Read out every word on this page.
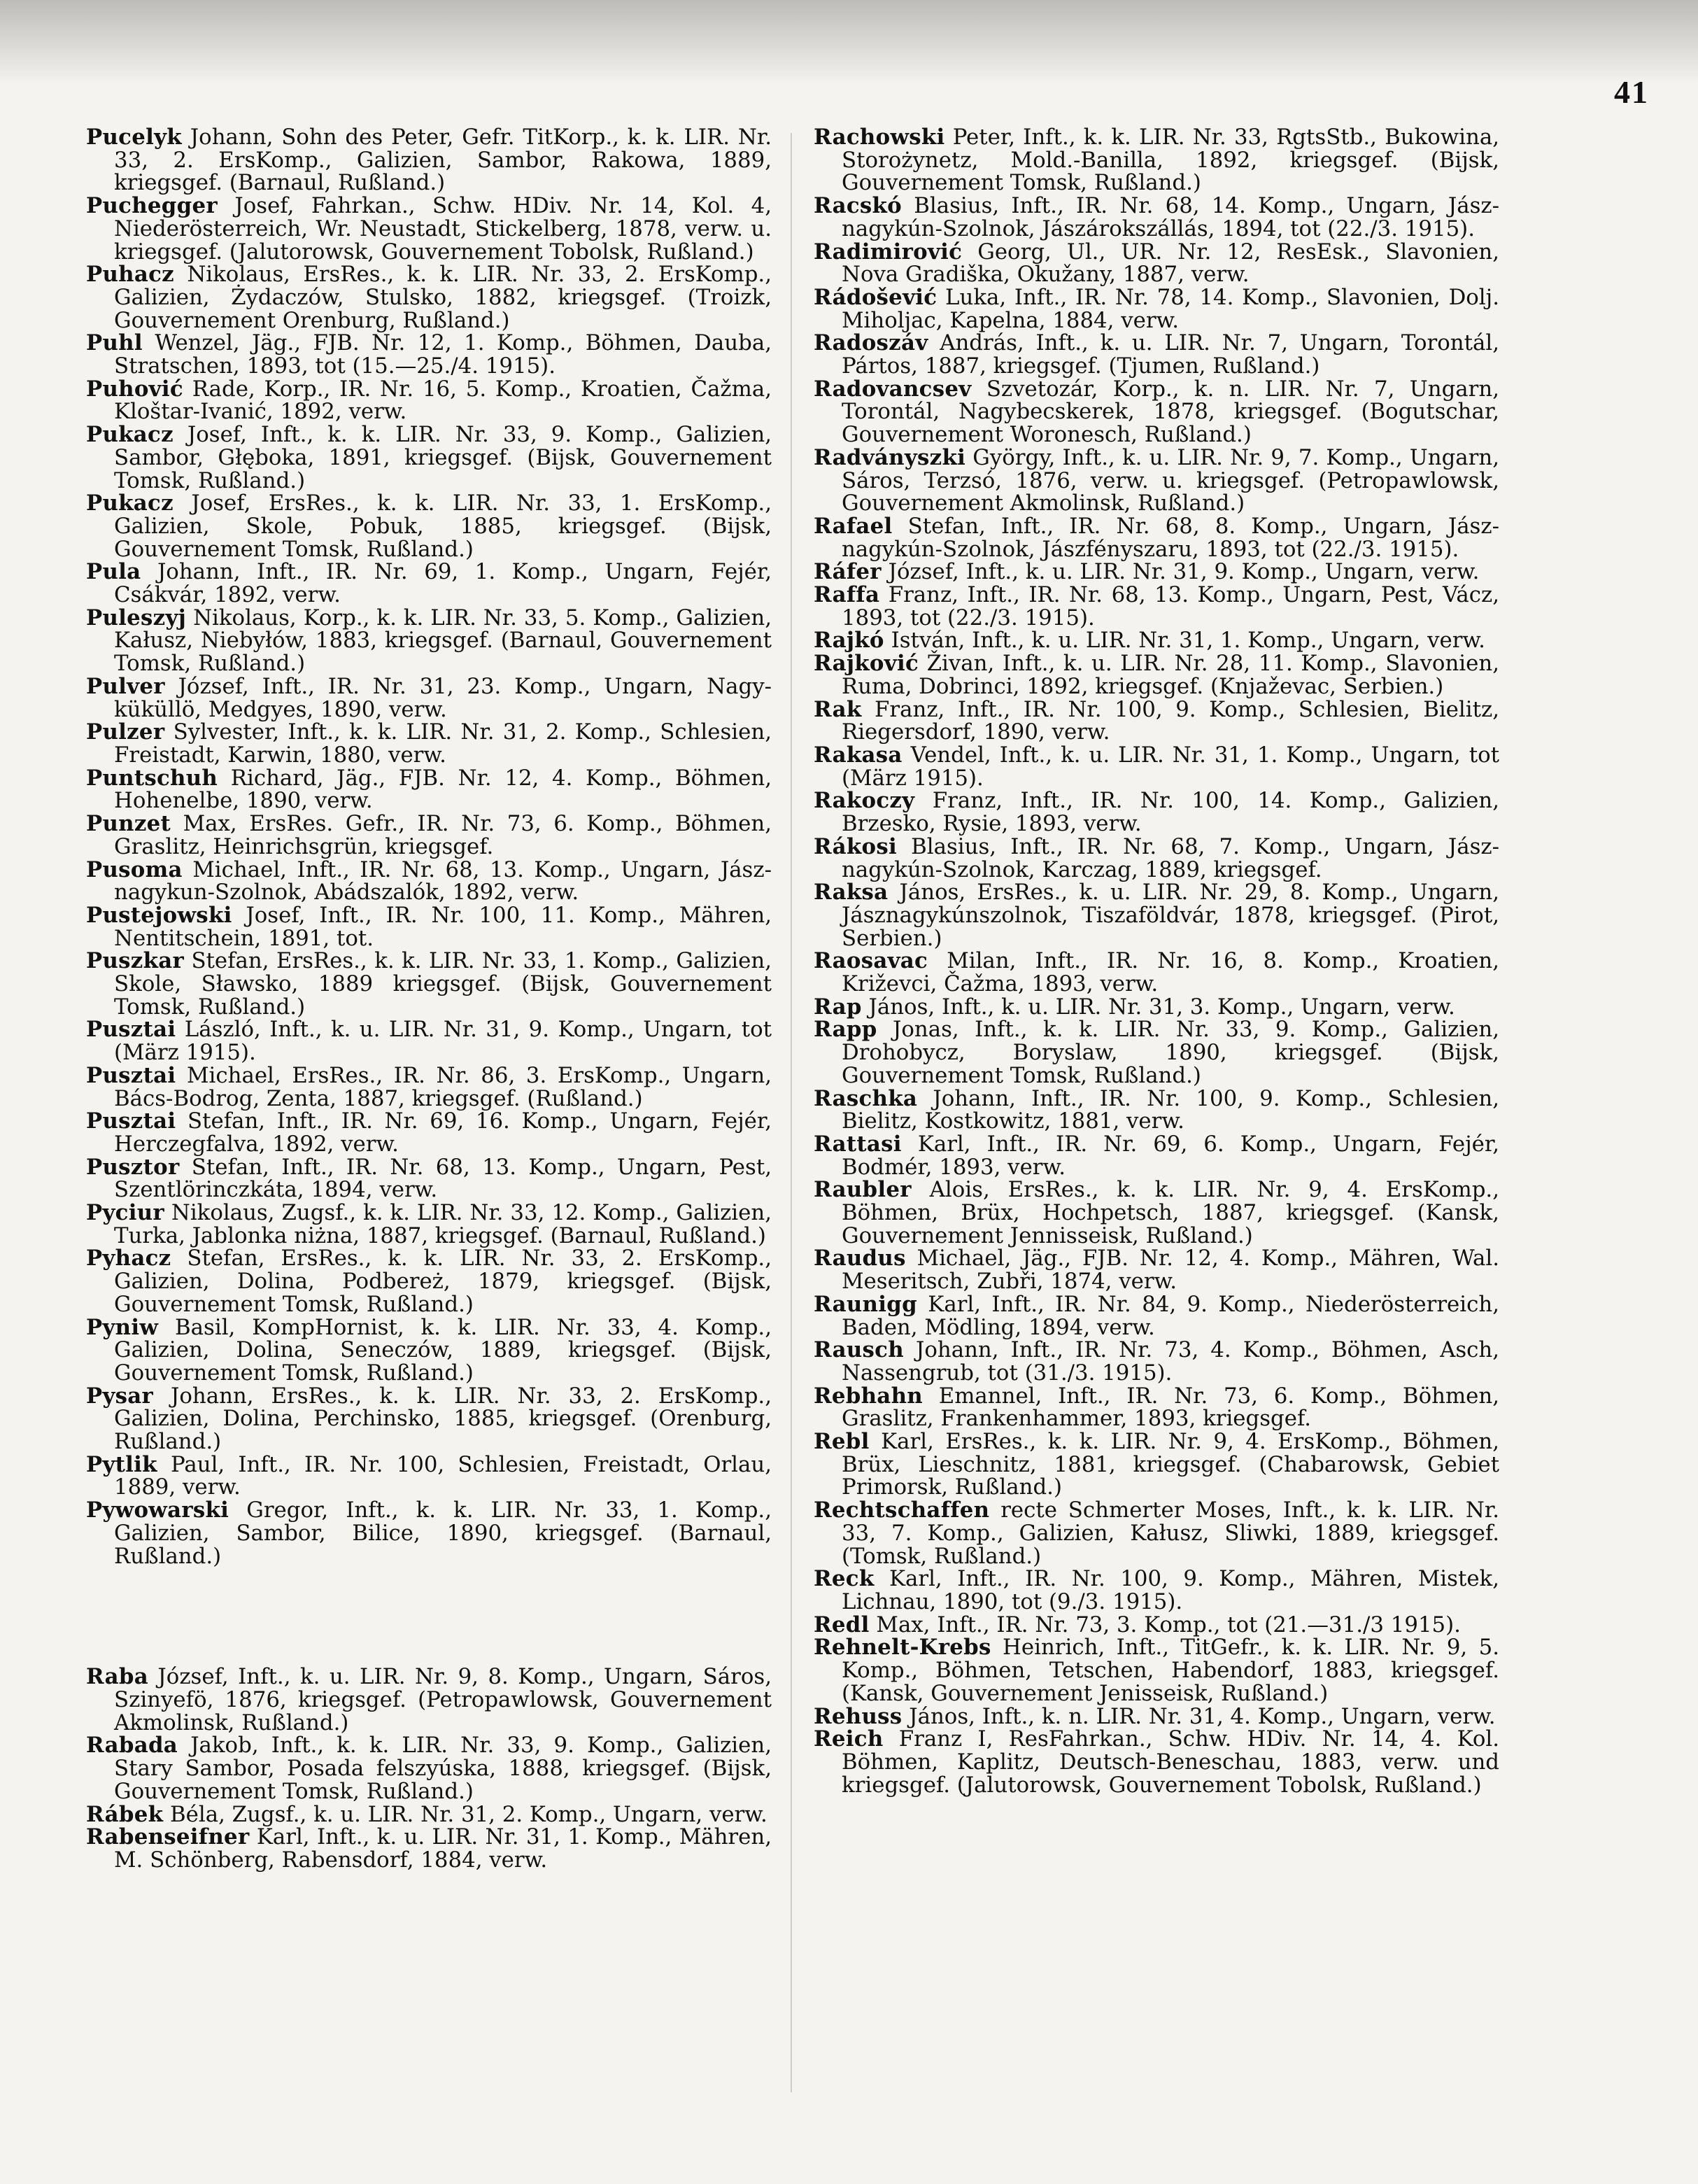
41

Pucelyk Johann, Sohn des Peter, Gefr. TitKorp., k. k. LIR. Nr. 33, 2. ErsKomp., Galizien, Sambor, Rakowa, 1889, kriegsgef. (Barnaul, Rußland.)

Puchegger Josef, Fahrkan., Schw. HDiv. Nr. 14, Kol. 4, Niederösterreich, Wr. Neustadt, Stickelberg, 1878, verw. u. kriegsgef. (Jalutorowsk, Gouvernement Tobolsk, Rußland.)

Puhacz Nikolaus, ErsRes., k. k. LIR. Nr. 33, 2. ErsKomp., Galizien, Żydaczów, Stulsko, 1882, kriegsgef. (Troizk, Gouvernement Orenburg, Rußland.)

Puhl Wenzel, Jäg., FJB. Nr. 12, 1. Komp., Böhmen, Dauba, Stratschen, 1893, tot (15.—25./4. 1915).

Puhović Rade, Korp., IR. Nr. 16, 5. Komp., Kroatien, Čažma, Kloštar-Ivanić, 1892, verw.

Pukacz Josef, Inft., k. k. LIR. Nr. 33, 9. Komp., Galizien, Sambor, Głęboka, 1891, kriegsgef. (Bijsk, Gouvernement Tomsk, Rußland.)

Pukacz Josef, ErsRes., k. k. LIR. Nr. 33, 1. ErsKomp., Galizien, Skole, Pobuk, 1885, kriegsgef. (Bijsk, Gouvernement Tomsk, Rußland.)

Pula Johann, Inft., IR. Nr. 69, 1. Komp., Ungarn, Fejér, Csákvár, 1892, verw.

Puleszyj Nikolaus, Korp., k. k. LIR. Nr. 33, 5. Komp., Galizien, Kałusz, Niebyłów, 1883, kriegsgef. (Barnaul, Gouvernement Tomsk, Rußland.)

Pulver József, Inft., IR. Nr. 31, 23. Komp., Ungarn, Nagy-küküllö, Medgyes, 1890, verw.

Pulzer Sylvester, Inft., k. k. LIR. Nr. 31, 2. Komp., Schlesien, Freistadt, Karwin, 1880, verw.

Puntschuh Richard, Jäg., FJB. Nr. 12, 4. Komp., Böhmen, Hohenelbe, 1890, verw.

Punzet Max, ErsRes. Gefr., IR. Nr. 73, 6. Komp., Böhmen, Graslitz, Heinrichsgrün, kriegsgef.

Pusoma Michael, Inft., IR. Nr. 68, 13. Komp., Ungarn, Jász-nagykun-Szolnok, Abádszalók, 1892, verw.

Pustejowski Josef, Inft., IR. Nr. 100, 11. Komp., Mähren, Nentitschein, 1891, tot.

Puszkar Stefan, ErsRes., k. k. LIR. Nr. 33, 1. Komp., Galizien, Skole, Sławsko, 1889 kriegsgef. (Bijsk, Gouvernement Tomsk, Rußland.)

Pusztai László, Inft., k. u. LIR. Nr. 31, 9. Komp., Ungarn, tot (März 1915).

Pusztai Michael, ErsRes., IR. Nr. 86, 3. ErsKomp., Ungarn, Bács-Bodrog, Zenta, 1887, kriegsgef. (Rußland.)

Pusztai Stefan, Inft., IR. Nr. 69, 16. Komp., Ungarn, Fejér, Herczegfalva, 1892, verw.

Pusztor Stefan, Inft., IR. Nr. 68, 13. Komp., Ungarn, Pest, Szentlörinczkáta, 1894, verw.

Pyciur Nikolaus, Zugsf., k. k. LIR. Nr. 33, 12. Komp., Galizien, Turka, Jablonka niżna, 1887, kriegsgef. (Barnaul, Rußland.)

Pyhacz Stefan, ErsRes., k. k. LIR. Nr. 33, 2. ErsKomp., Galizien, Dolina, Podbereż, 1879, kriegsgef. (Bijsk, Gouvernement Tomsk, Rußland.)

Pyniw Basil, KompHornist, k. k. LIR. Nr. 33, 4. Komp., Galizien, Dolina, Seneczów, 1889, kriegsgef. (Bijsk, Gouvernement Tomsk, Rußland.)

Pysar Johann, ErsRes., k. k. LIR. Nr. 33, 2. ErsKomp., Galizien, Dolina, Perchinsko, 1885, kriegsgef. (Orenburg, Rußland.)

Pytlik Paul, Inft., IR. Nr. 100, Schlesien, Freistadt, Orlau, 1889, verw.

Pywowarski Gregor, Inft., k. k. LIR. Nr. 33, 1. Komp., Galizien, Sambor, Bilice, 1890, kriegsgef. (Barnaul, Rußland.)

Raba József, Inft., k. u. LIR. Nr. 9, 8. Komp., Ungarn, Sáros, Szinyefö, 1876, kriegsgef. (Petropawlowsk, Gouvernement Akmolinsk, Rußland.)

Rabada Jakob, Inft., k. k. LIR. Nr. 33, 9. Komp., Galizien, Stary Sambor, Posada felszyúska, 1888, kriegsgef. (Bijsk, Gouvernement Tomsk, Rußland.)

Rábek Béla, Zugsf., k. u. LIR. Nr. 31, 2. Komp., Ungarn, verw.

Rabenseifner Karl, Inft., k. u. LIR. Nr. 31, 1. Komp., Mähren, M. Schönberg, Rabensdorf, 1884, verw.

Rachowski Peter, Inft., k. k. LIR. Nr. 33, RgtsStb., Bukowina, Storożynetz, Mold.-Banilla, 1892, kriegsgef. (Bijsk, Gouvernement Tomsk, Rußland.)

Racskó Blasius, Inft., IR. Nr. 68, 14. Komp., Ungarn, Jász-nagykún-Szolnok, Jászárokszállás, 1894, tot (22./3. 1915).

Radimirović Georg, Ul., UR. Nr. 12, ResEsk., Slavonien, Nova Gradiška, Okužany, 1887, verw.

Rádošević Luka, Inft., IR. Nr. 78, 14. Komp., Slavonien, Dolj. Miholjac, Kapelna, 1884, verw.

Radoszáv András, Inft., k. u. LIR. Nr. 7, Ungarn, Torontál, Pártos, 1887, kriegsgef. (Tjumen, Rußland.)

Radovancsev Szvetozár, Korp., k. n. LIR. Nr. 7, Ungarn, Torontál, Nagybecskerek, 1878, kriegsgef. (Bogutschar, Gouvernement Woronesch, Rußland.)

Radványszki György, Inft., k. u. LIR. Nr. 9, 7. Komp., Ungarn, Sáros, Terzsó, 1876, verw. u. kriegsgef. (Petropawlowsk, Gouvernement Akmolinsk, Rußland.)

Rafael Stefan, Inft., IR. Nr. 68, 8. Komp., Ungarn, Jász-nagykún-Szolnok, Jászfényszaru, 1893, tot (22./3. 1915).

Ráfer József, Inft., k. u. LIR. Nr. 31, 9. Komp., Ungarn, verw.

Raffa Franz, Inft., IR. Nr. 68, 13. Komp., Ungarn, Pest, Vácz, 1893, tot (22./3. 1915).

Rajkó István, Inft., k. u. LIR. Nr. 31, 1. Komp., Ungarn, verw.

Rajković Živan, Inft., k. u. LIR. Nr. 28, 11. Komp., Slavonien, Ruma, Dobrinci, 1892, kriegsgef. (Knjaževac, Serbien.)

Rak Franz, Inft., IR. Nr. 100, 9. Komp., Schlesien, Bielitz, Riegersdorf, 1890, verw.

Rakasa Vendel, Inft., k. u. LIR. Nr. 31, 1. Komp., Ungarn, tot (März 1915).

Rakoczy Franz, Inft., IR. Nr. 100, 14. Komp., Galizien, Brzesko, Rysie, 1893, verw.

Rákosi Blasius, Inft., IR. Nr. 68, 7. Komp., Ungarn, Jász-nagykún-Szolnok, Karczag, 1889, kriegsgef.

Raksa János, ErsRes., k. u. LIR. Nr. 29, 8. Komp., Ungarn, Jásznagykúnszolnok, Tiszaföldvár, 1878, kriegsgef. (Pirot, Serbien.)

Raosavac Milan, Inft., IR. Nr. 16, 8. Komp., Kroatien, Križevci, Čažma, 1893, verw.

Rap János, Inft., k. u. LIR. Nr. 31, 3. Komp., Ungarn, verw.

Rapp Jonas, Inft., k. k. LIR. Nr. 33, 9. Komp., Galizien, Drohobycz, Boryslaw, 1890, kriegsgef. (Bijsk, Gouvernement Tomsk, Rußland.)

Raschka Johann, Inft., IR. Nr. 100, 9. Komp., Schlesien, Bielitz, Kostkowitz, 1881, verw.

Rattasi Karl, Inft., IR. Nr. 69, 6. Komp., Ungarn, Fejér, Bodmér, 1893, verw.

Raubler Alois, ErsRes., k. k. LIR. Nr. 9, 4. ErsKomp., Böhmen, Brüx, Hochpetsch, 1887, kriegsgef. (Kansk, Gouvernement Jennisseisk, Rußland.)

Raudus Michael, Jäg., FJB. Nr. 12, 4. Komp., Mähren, Wal. Meseritsch, Zubři, 1874, verw.

Raunigg Karl, Inft., IR. Nr. 84, 9. Komp., Niederösterreich, Baden, Mödling, 1894, verw.

Rausch Johann, Inft., IR. Nr. 73, 4. Komp., Böhmen, Asch, Nassengrub, tot (31./3. 1915).

Rebhahn Emannel, Inft., IR. Nr. 73, 6. Komp., Böhmen, Graslitz, Frankenhammer, 1893, kriegsgef.

Rebl Karl, ErsRes., k. k. LIR. Nr. 9, 4. ErsKomp., Böhmen, Brüx, Lieschnitz, 1881, kriegsgef. (Chabarowsk, Gebiet Primorsk, Rußland.)

Rechtschaffen recte Schmerter Moses, Inft., k. k. LIR. Nr. 33, 7. Komp., Galizien, Kałusz, Sliwki, 1889, kriegsgef. (Tomsk, Rußland.)

Reck Karl, Inft., IR. Nr. 100, 9. Komp., Mähren, Mistek, Lichnau, 1890, tot (9./3. 1915).

Redl Max, Inft., IR. Nr. 73, 3. Komp., tot (21.—31./3 1915).

Rehnelt-Krebs Heinrich, Inft., TitGefr., k. k. LIR. Nr. 9, 5. Komp., Böhmen, Tetschen, Habendorf, 1883, kriegsgef. (Kansk, Gouvernement Jenisseisk, Rußland.)

Rehuss János, Inft., k. n. LIR. Nr. 31, 4. Komp., Ungarn, verw.

Reich Franz I, ResFahrkan., Schw. HDiv. Nr. 14, 4. Kol. Böhmen, Kaplitz, Deutsch-Beneschau, 1883, verw. und kriegsgef. (Jalutorowsk, Gouvernement Tobolsk, Rußland.)
